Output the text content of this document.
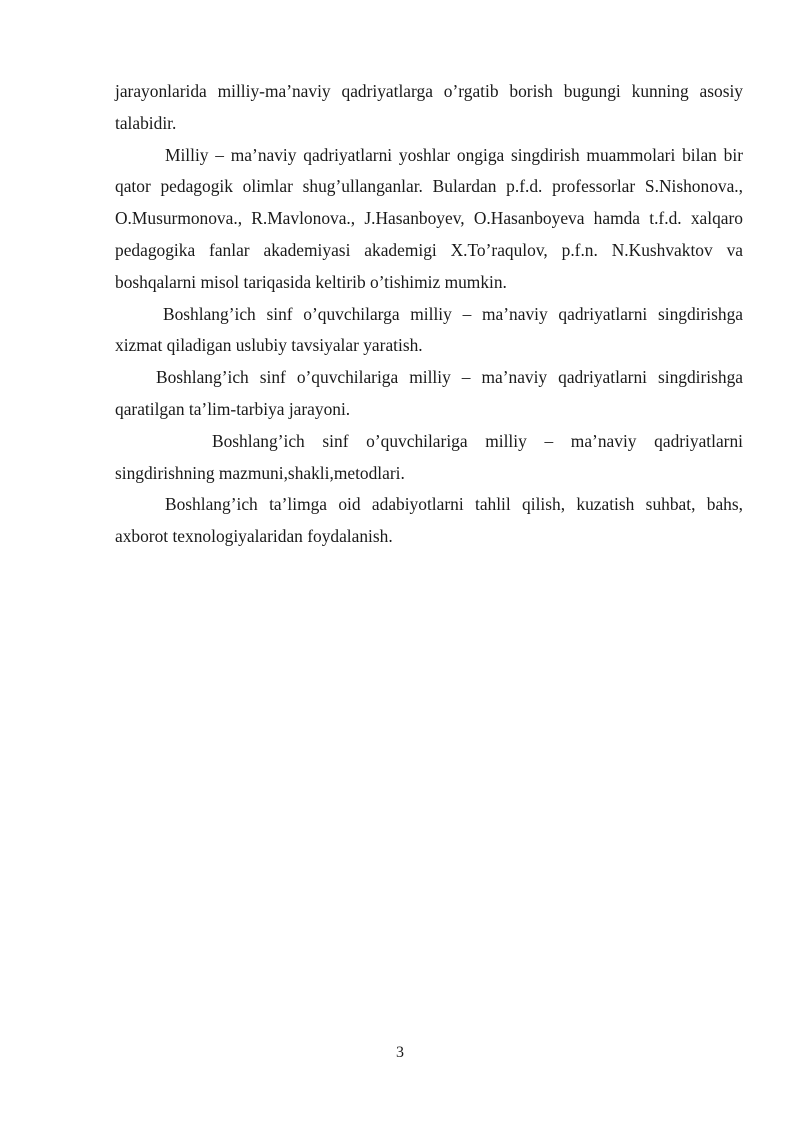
jarayonlarida milliy-ma’naviy qadriyatlarga o’rgatib borish bugungi kunning asosiy talabidir.

Milliy – ma’naviy qadriyatlarni yoshlar ongiga singdirish muammolari bilan bir qator pedagogik olimlar shug’ullanganlar. Bulardan p.f.d. professorlar S.Nishonova., O.Musurmonova., R.Mavlonova., J.Hasanboyev, O.Hasanboyeva hamda t.f.d. xalqaro pedagogika fanlar akademiyasi akademigi X.To’raqulov, p.f.n. N.Kushvaktov va boshqalarni misol tariqasida keltirib o’tishimiz mumkin.

Boshlang’ich sinf o’quvchilarga milliy – ma’naviy qadriyatlarni singdirishga xizmat qiladigan uslubiy tavsiyalar yaratish.

Boshlang’ich sinf o’quvchilariga milliy – ma’naviy qadriyatlarni singdirishga qaratilgan ta’lim-tarbiya jarayoni.

Boshlang’ich sinf o’quvchilariga milliy – ma’naviy qadriyatlarni singdirishning mazmuni,shakli,metodlari.

Boshlang’ich ta’limga oid adabiyotlarni tahlil qilish, kuzatish suhbat, bahs, axborot texnologiyalaridan foydalanish.

3
